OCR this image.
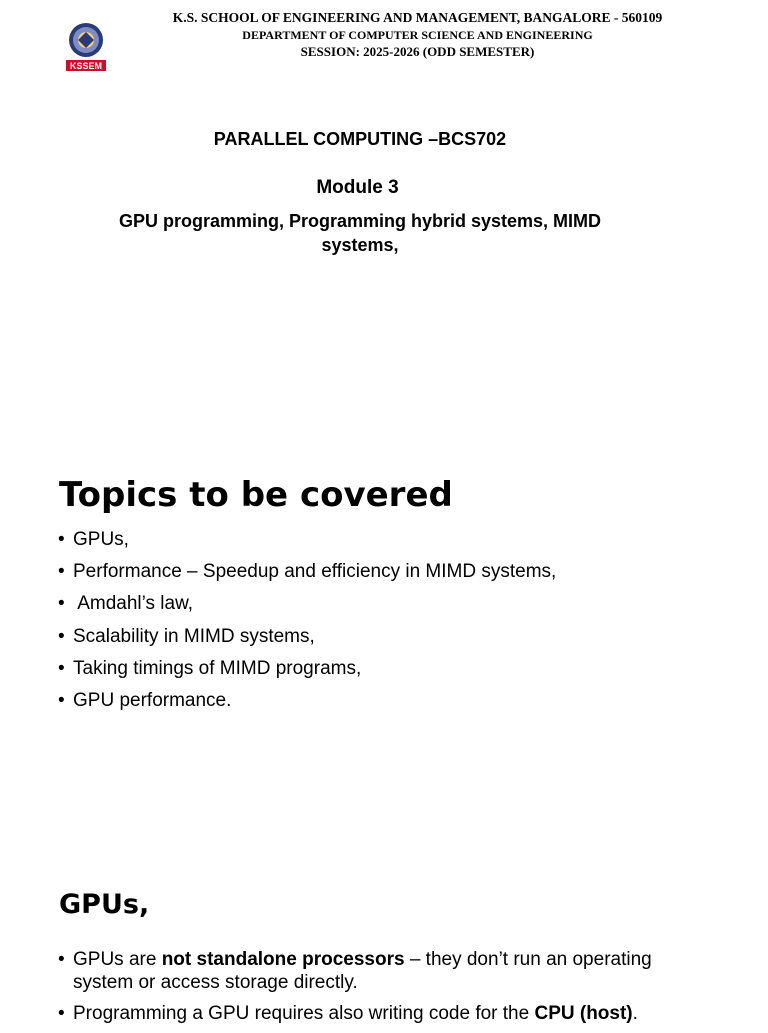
KSSEM
K.S. SCHOOL OF ENGINEERING AND MANAGEMENT, BANGALORE - 560109
DEPARTMENT OF COMPUTER SCIENCE AND ENGINEERING
SESSION: 2025-2026 (ODD SEMESTER)
PARALLEL COMPUTING –BCS702
Module 3
GPU programming, Programming hybrid systems, MIMD systems,
Topics to be covered
• GPUs,
• Performance – Speedup and efficiency in MIMD systems,
• Amdahl’s law,
• Scalability in MIMD systems,
• Taking timings of MIMD programs,
• GPU performance.
GPUs,
• GPUs are not standalone processors – they don’t run an operating system or access storage directly.
• Programming a GPU requires also writing code for the CPU (host).
